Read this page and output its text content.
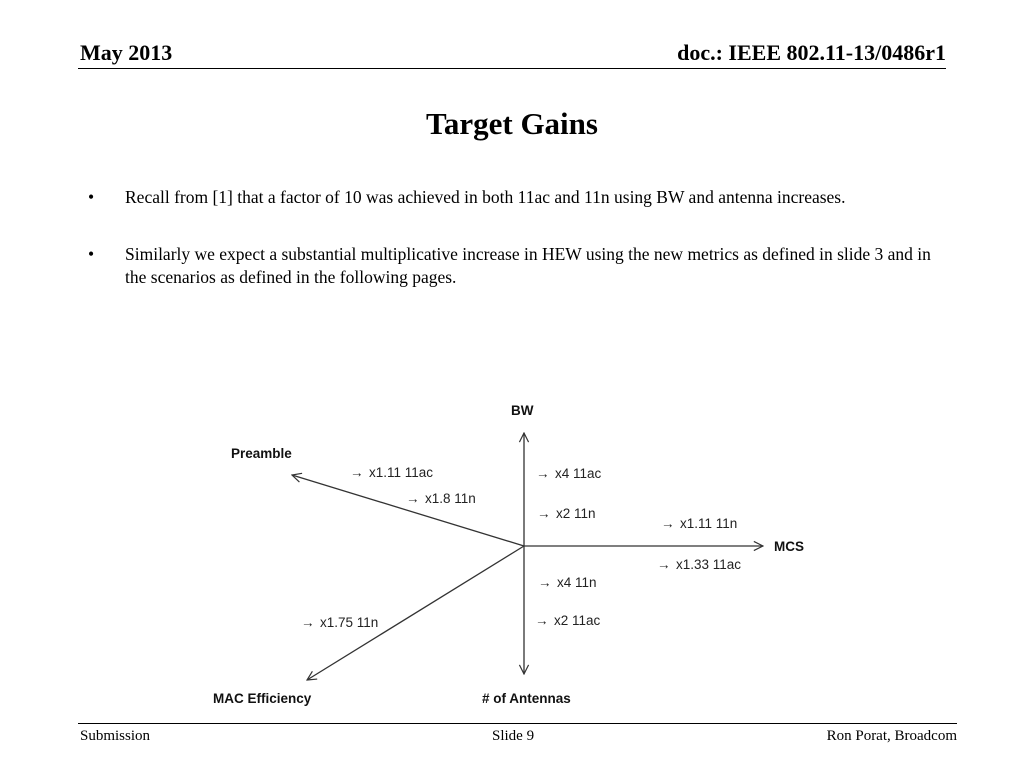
May 2013	doc.: IEEE 802.11-13/0486r1
Target Gains
• Recall from [1] that a factor of 10 was achieved in both 11ac and 11n using BW and antenna increases.
• Similarly we expect a substantial multiplicative increase in HEW using the new metrics as defined in slide 3 and in the scenarios as defined in the following pages.
BW
Preamble
MCS
MAC Efficiency	# of Antennas
→ x1.11 11ac
→ x1.8 11n
→ x4 11ac
→ x2 11n
→ x1.11 11n
→ x1.33 11ac
→ x4 11n
→ x2 11ac
→ x1.75 11n
Submission	Slide 9	Ron Porat, Broadcom
